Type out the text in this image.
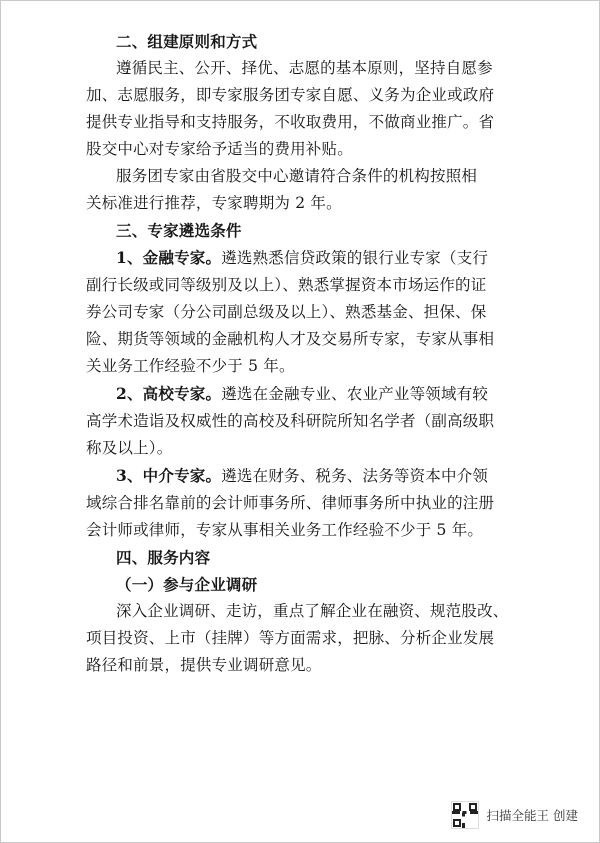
二、组建原则和方式
遵循民主、公开、择优、志愿的基本原则，坚持自愿参
加、志愿服务，即专家服务团专家自愿、义务为企业或政府
提供专业指导和支持服务，不收取费用，不做商业推广。省
股交中心对专家给予适当的费用补贴。
服务团专家由省股交中心邀请符合条件的机构按照相
关标准进行推荐，专家聘期为 2 年。
三、专家遴选条件
1、金融专家。遴选熟悉信贷政策的银行业专家（支行
副行长级或同等级别及以上）、熟悉掌握资本市场运作的证
券公司专家（分公司副总级及以上）、熟悉基金、担保、保
险、期货等领域的金融机构人才及交易所专家，专家从事相
关业务工作经验不少于 5 年。
2、高校专家。遴选在金融专业、农业产业等领域有较
高学术造诣及权威性的高校及科研院所知名学者（副高级职
称及以上）。
3、中介专家。遴选在财务、税务、法务等资本中介领
域综合排名靠前的会计师事务所、律师事务所中执业的注册
会计师或律师，专家从事相关业务工作经验不少于 5 年。
四、服务内容
（一）参与企业调研
深入企业调研、走访，重点了解企业在融资、规范股改、
项目投资、上市（挂牌）等方面需求，把脉、分析企业发展
路径和前景，提供专业调研意见。
扫描全能王 创建
